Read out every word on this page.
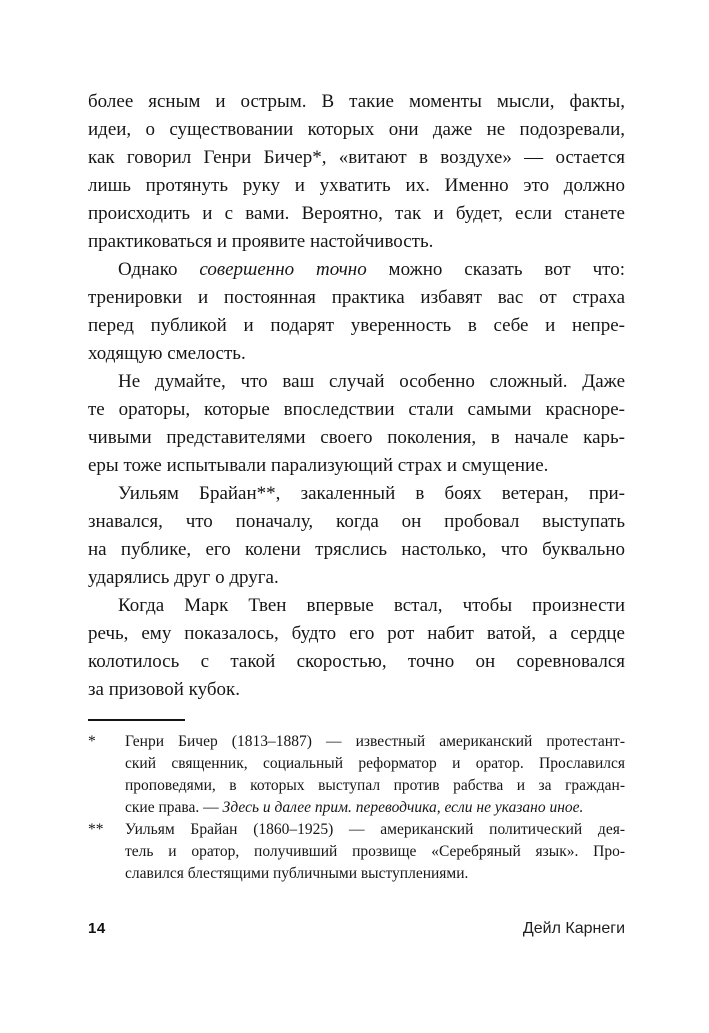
более ясным и острым. В такие моменты мысли, факты,
идеи, о существовании которых они даже не подозревали,
как говорил Генри Бичер*, «витают в воздухе» — остается
лишь протянуть руку и ухватить их. Именно это должно
происходить и с вами. Вероятно, так и будет, если станете
практиковаться и проявите настойчивость.
Однако совершенно точно можно сказать вот что:
тренировки и постоянная практика избавят вас от страха
перед публикой и подарят уверенность в себе и непре-
ходящую смелость.
Не думайте, что ваш случай особенно сложный. Даже
те ораторы, которые впоследствии стали самыми красноре-
чивыми представителями своего поколения, в начале карь-
еры тоже испытывали парализующий страх и смущение.
Уильям Брайан**, закаленный в боях ветеран, при-
знавался, что поначалу, когда он пробовал выступать
на публике, его колени тряслись настолько, что буквально
ударялись друг о друга.
Когда Марк Твен впервые встал, чтобы произнести
речь, ему показалось, будто его рот набит ватой, а сердце
колотилось с такой скоростью, точно он соревновался
за призовой кубок.
*	Генри Бичер (1813–1887) — известный американский протестант-
ский священник, социальный реформатор и оратор. Прославился
проповедями, в которых выступал против рабства и за граждан-
ские права. — Здесь и далее прим. переводчика, если не указано иное.
**	Уильям Брайан (1860–1925) — американский политический дея-
тель и оратор, получивший прозвище «Серебряный язык». Про-
славился блестящими публичными выступлениями.
14	Дейл Карнеги
